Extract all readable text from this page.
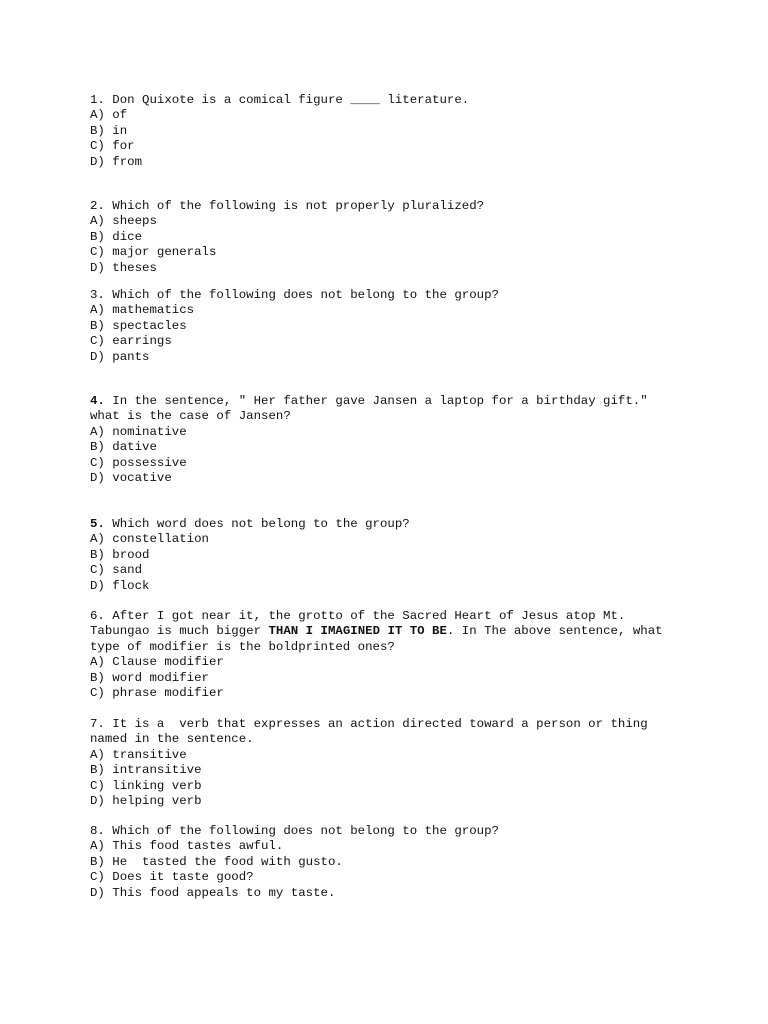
1. Don Quixote is a comical figure ____ literature.

A) of
B) in
C) for
D) from

2. Which of the following is not properly pluralized?

A) sheeps
B) dice
C) major generals
D) theses

3. Which of the following does not belong to the group?

A) mathematics
B) spectacles
C) earrings
D) pants

4. In the sentence, " Her father gave Jansen a laptop for a birthday gift."  what is the case of Jansen?

A) nominative
B) dative
C) possessive
D) vocative

5. Which word does not belong to the group?

A) constellation
B) brood
C) sand
D) flock

6. After I got near it, the grotto of the Sacred Heart of Jesus atop Mt. Tabungao is much bigger THAN I IMAGINED IT TO BE. In The above sentence, what type of modifier is the boldprinted ones?

A) Clause modifier
B) word modifier
C) phrase modifier

7. It is a  verb that expresses an action directed toward a person or thing named in the sentence.

A) transitive
B) intransitive
C) linking verb
D) helping verb

8. Which of the following does not belong to the group?

A) This food tastes awful.
B) He  tasted the food with gusto.
C) Does it taste good?
D) This food appeals to my taste.
